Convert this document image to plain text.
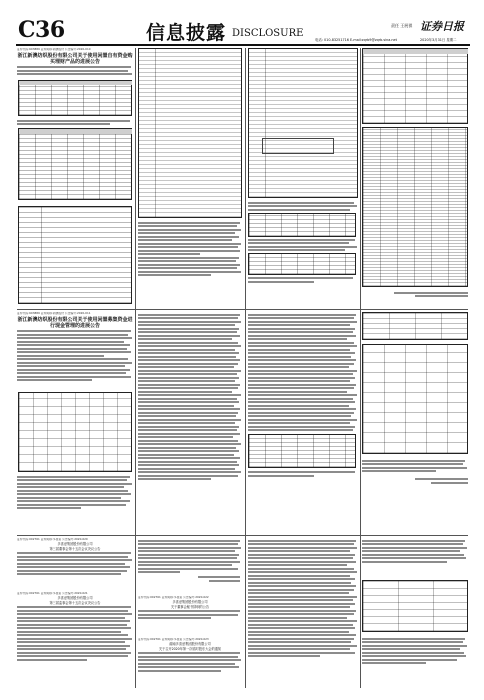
C36	信息披露 DISCLOSURE
责任 王展祺 证券日报
电话: 010-83251716 E-mail:zqrb9@zqrb.sina.net	2020年3月31日 星期二
证券代码:603889 证券简称:新澳股份 公告编号:2020-010
浙江新澳纺织股份有限公司关于使用闲置自有资金购买理财产品的进展公告
证券代码:603889 证券简称:新澳股份 公告编号:2020-011
浙江新澳纺织股份有限公司关于使用闲置募集资金进行现金管理的进展公告
证券代码:002761 证券简称:多喜爱 公告编号:2020-020
多喜爱集团股份有限公司
第三届董事会第十五次会议决议公告
证券代码:002761 证券简称:多喜爱 公告编号:2020-021
多喜爱集团股份有限公司
第三届监事会第十五次会议决议公告
证券代码:002761 证券简称:多喜爱 公告编号:2020-022
多喜爱集团股份有限公司
关于董事会秘书辞职的公告
证券代码:002761 证券简称:多喜爱 公告编号:2020-023
湖南多喜爱集团股份有限公司
关于召开2020年第一次临时股东大会的通知
